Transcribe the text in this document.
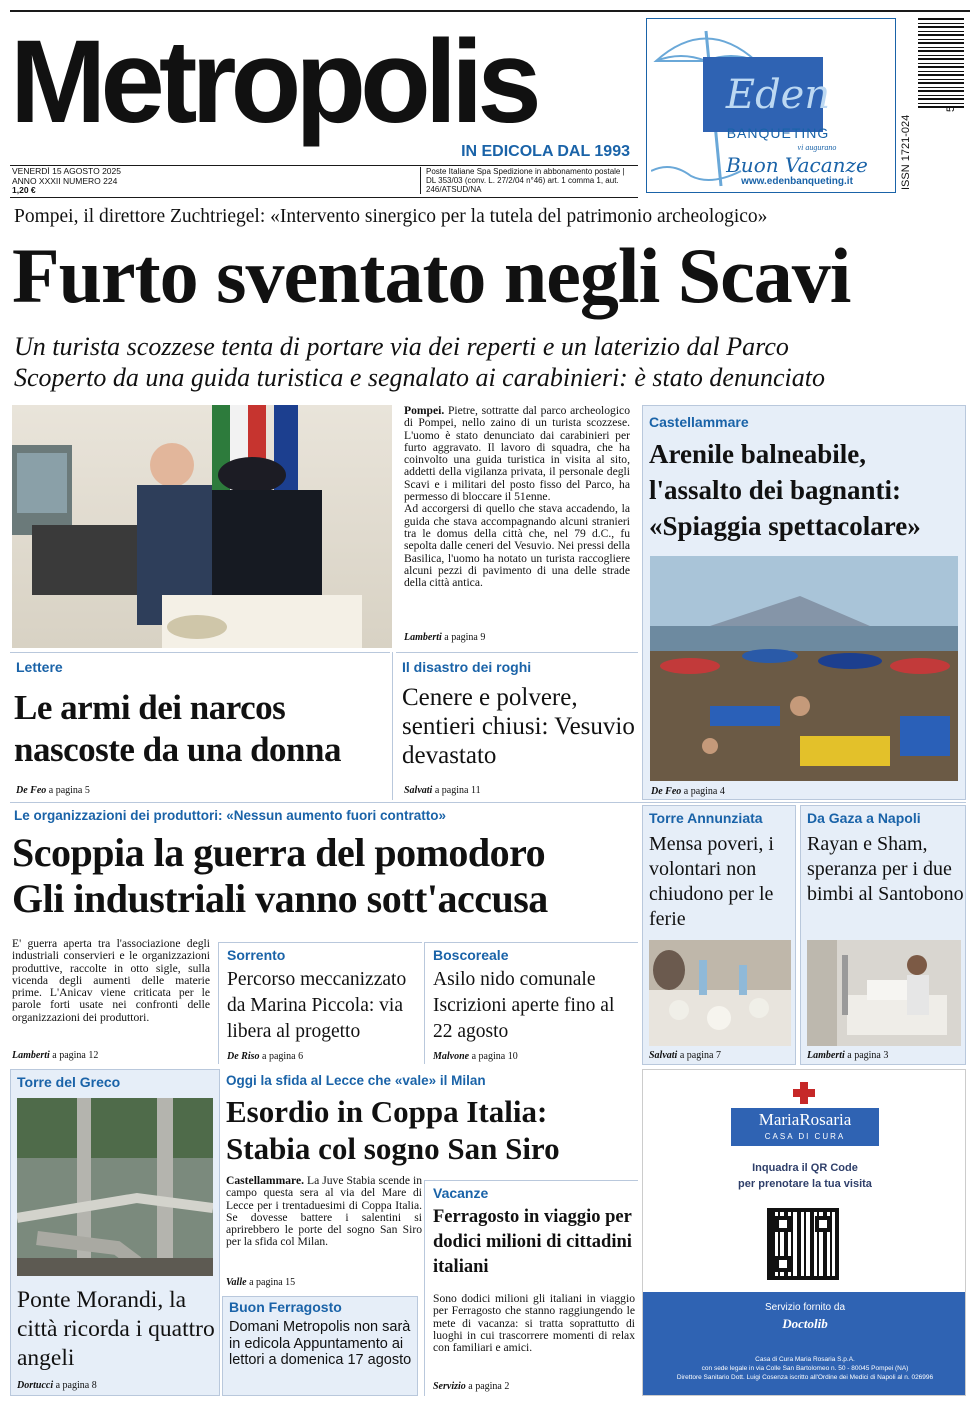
Metropolis
IN EDICOLA DAL 1993
VENERDÌ 15 AGOSTO 2025
ANNO XXXII NUMERO 224
1,20 €
Poste Italiane Spa Spedizione in abbonamento postale | DL 353/03 (conv. L. 27/2/04 n°46) art. 1 comma 1, aut. 246/ATSUD/NA
Eden
BANQUETING
vi augurano
Buon Vacanze
www.edenbanqueting.it	ISSN 1721-024
Pompei, il direttore Zuchtriegel: «Intervento sinergico per la tutela del patrimonio archeologico»
Furto sventato negli Scavi
Un turista scozzese tenta di portare via dei reperti e un laterizio dal Parco
Scoperto da una guida turistica e segnalato ai carabinieri: è stato denunciato

Pompei. Pietre, sottratte dal parco archeologico di Pompei, nello zaino di un turista scozzese. L'uomo è stato denunciato dai carabinieri per furto aggravato. Il lavoro di squadra, che ha coinvolto una guida turistica in visita al sito, addetti della vigilanza privata, il personale degli Scavi e i militari del posto fisso del Parco, ha permesso di bloccare il 51enne.

Ad accorgersi di quello che stava accadendo, la guida che stava accompagnando alcuni stranieri tra le domus della città che, nel 79 d.C., fu sepolta dalle ceneri del Vesuvio. Nei pressi della Basilica, l'uomo ha notato un turista raccogliere alcuni pezzi di pavimento di una delle strade della città antica.

Lamberti a pagina 9
Castellammare
Arenile balneabile, l'assalto dei bagnanti: «Spiaggia spettacolare»
De Feo a pagina 4
Lettere
Le armi dei narcos nascoste da una donna
De Feo a pagina 5
Il disastro dei roghi
Cenere e polvere, sentieri chiusi: Vesuvio devastato
Salvati a pagina 11
Le organizzazioni dei produttori: «Nessun aumento fuori contratto»
Scoppia la guerra del pomodoro
Gli industriali vanno sott'accusa
E' guerra aperta tra l'associazione degli industriali conservieri e le organizzazioni produttive, raccolte in otto sigle, sulla vicenda degli aumenti delle materie prime. L'Anicav viene criticata per le parole forti usate nei confronti delle organizzazioni dei produttori.
Lamberti a pagina 12
Sorrento
Percorso meccanizzato da Marina Piccola: via libera al progetto
De Riso a pagina 6
Boscoreale
Asilo nido comunale Iscrizioni aperte fino al 22 agosto
Malvone a pagina 10
Torre Annunziata
Mensa poveri, i volontari non chiudono per le ferie
Salvati a pagina 7
Da Gaza a Napoli
Rayan e Sham, speranza per i due bimbi al Santobono
Lamberti a pagina 3
Torre del Greco
Ponte Morandi, la città ricorda i quattro angeli
Dortucci a pagina 8
Oggi la sfida al Lecce che «vale» il Milan
Esordio in Coppa Italia:
Stabia col sogno San Siro
Castellammare. La Juve Stabia scende in campo questa sera al via del Mare di Lecce per i trentaduesimi di Coppa Italia. Se dovesse battere i salentini si aprirebbero le porte del sogno San Siro per la sfida col Milan.
Valle a pagina 15
Buon Ferragosto
Domani Metropolis non sarà in edicola Appuntamento ai lettori a domenica 17 agosto
Vacanze
Ferragosto in viaggio per dodici milioni di cittadini italiani
Sono dodici milioni gli italiani in viaggio per Ferragosto che stanno raggiungendo le mete di vacanza: si tratta soprattutto di luoghi in cui trascorrere momenti di relax con familiari e amici.
Servizio a pagina 2
MariaRosaria
CASA DI CURA
Inquadra il QR Code
per prenotare la tua visita
Servizio fornito da
Doctolib
Casa di Cura Maria Rosaria S.p.A.
con sede legale in via Colle San Bartolomeo n. 50 - 80045 Pompei (NA)
Direttore Sanitario Dott. Luigi Cosenza iscritto all'Ordine dei Medici di Napoli al n. 026996
